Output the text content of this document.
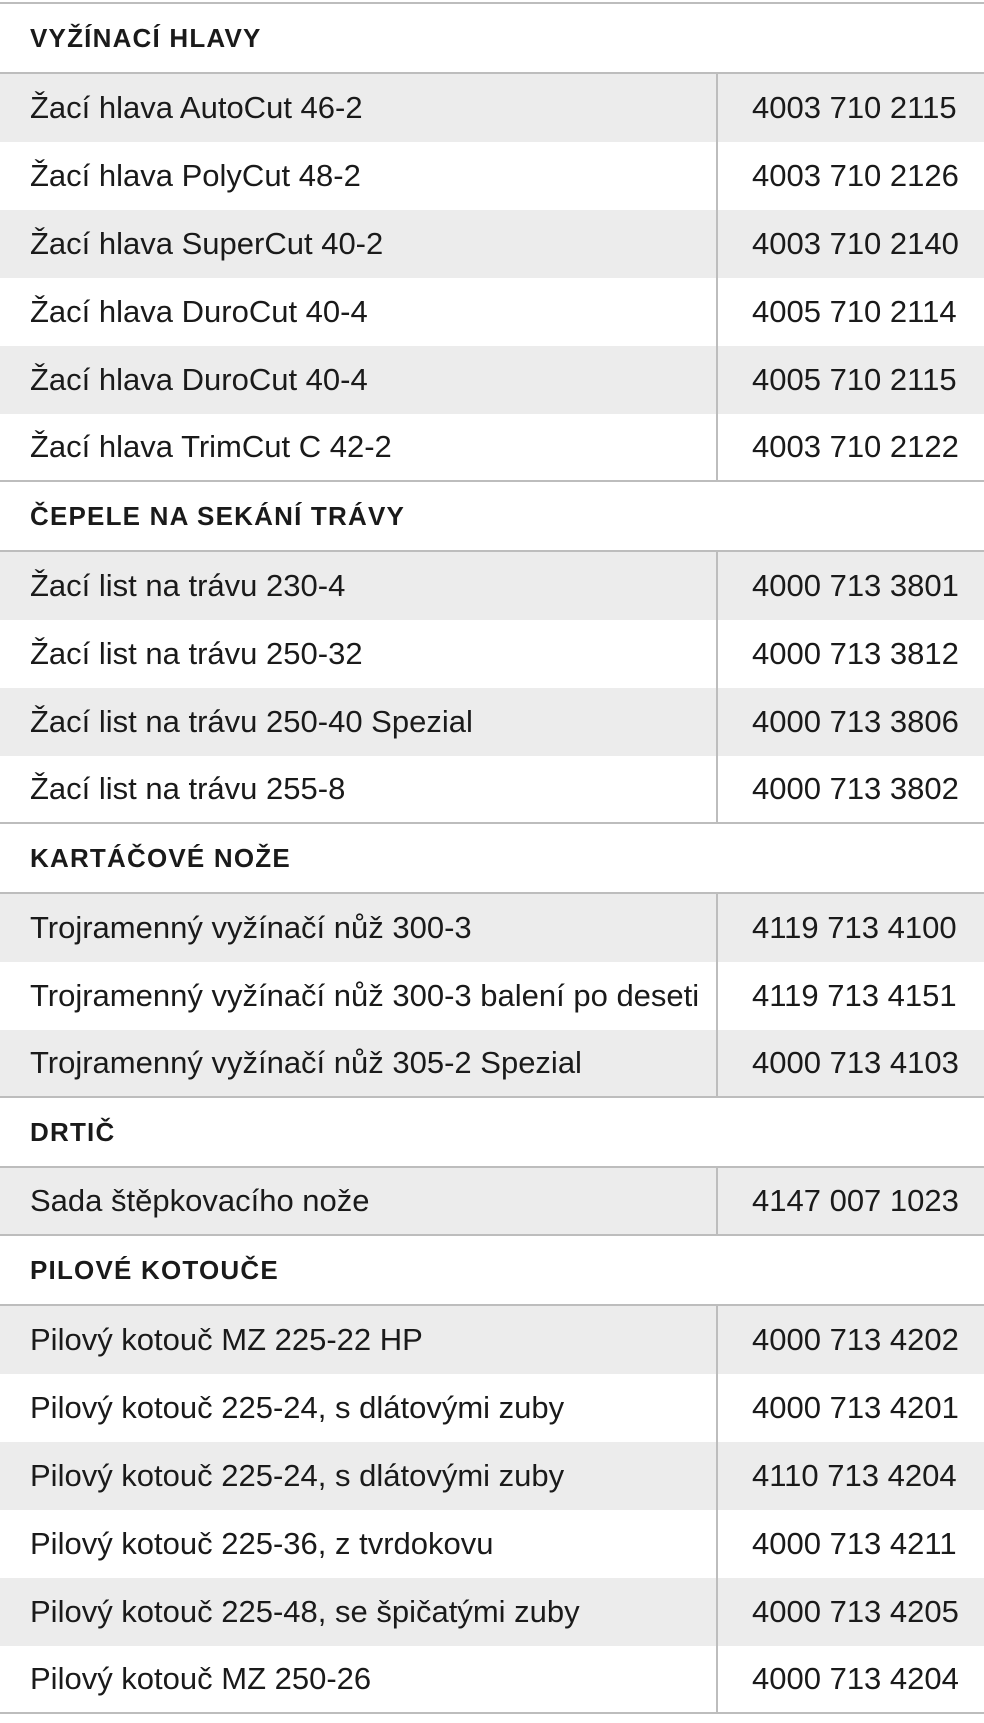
VYŽÍNACÍ HLAVY
Žací hlava AutoCut 46-2	4003 710 2115
Žací hlava PolyCut 48-2	4003 710 2126
Žací hlava SuperCut 40-2	4003 710 2140
Žací hlava DuroCut 40-4	4005 710 2114
Žací hlava DuroCut 40-4	4005 710 2115
Žací hlava TrimCut C 42-2	4003 710 2122
ČEPELE NA SEKÁNÍ TRÁVY
Žací list na trávu 230-4	4000 713 3801
Žací list na trávu 250-32	4000 713 3812
Žací list na trávu 250-40 Spezial	4000 713 3806
Žací list na trávu 255-8	4000 713 3802
KARTÁČOVÉ NOŽE
Trojramenný vyžínačí nůž 300-3	4119 713 4100
Trojramenný vyžínačí nůž 300-3 balení po deseti	4119 713 4151
Trojramenný vyžínačí nůž 305-2 Spezial	4000 713 4103
DRTIČ
Sada štěpkovacího nože	4147 007 1023
PILOVÉ KOTOUČE
Pilový kotouč MZ 225-22 HP	4000 713 4202
Pilový kotouč 225-24, s dlátovými zuby	4000 713 4201
Pilový kotouč 225-24, s dlátovými zuby	4110 713 4204
Pilový kotouč 225-36, z tvrdokovu	4000 713 4211
Pilový kotouč 225-48, se špičatými zuby	4000 713 4205
Pilový kotouč MZ 250-26	4000 713 4204
